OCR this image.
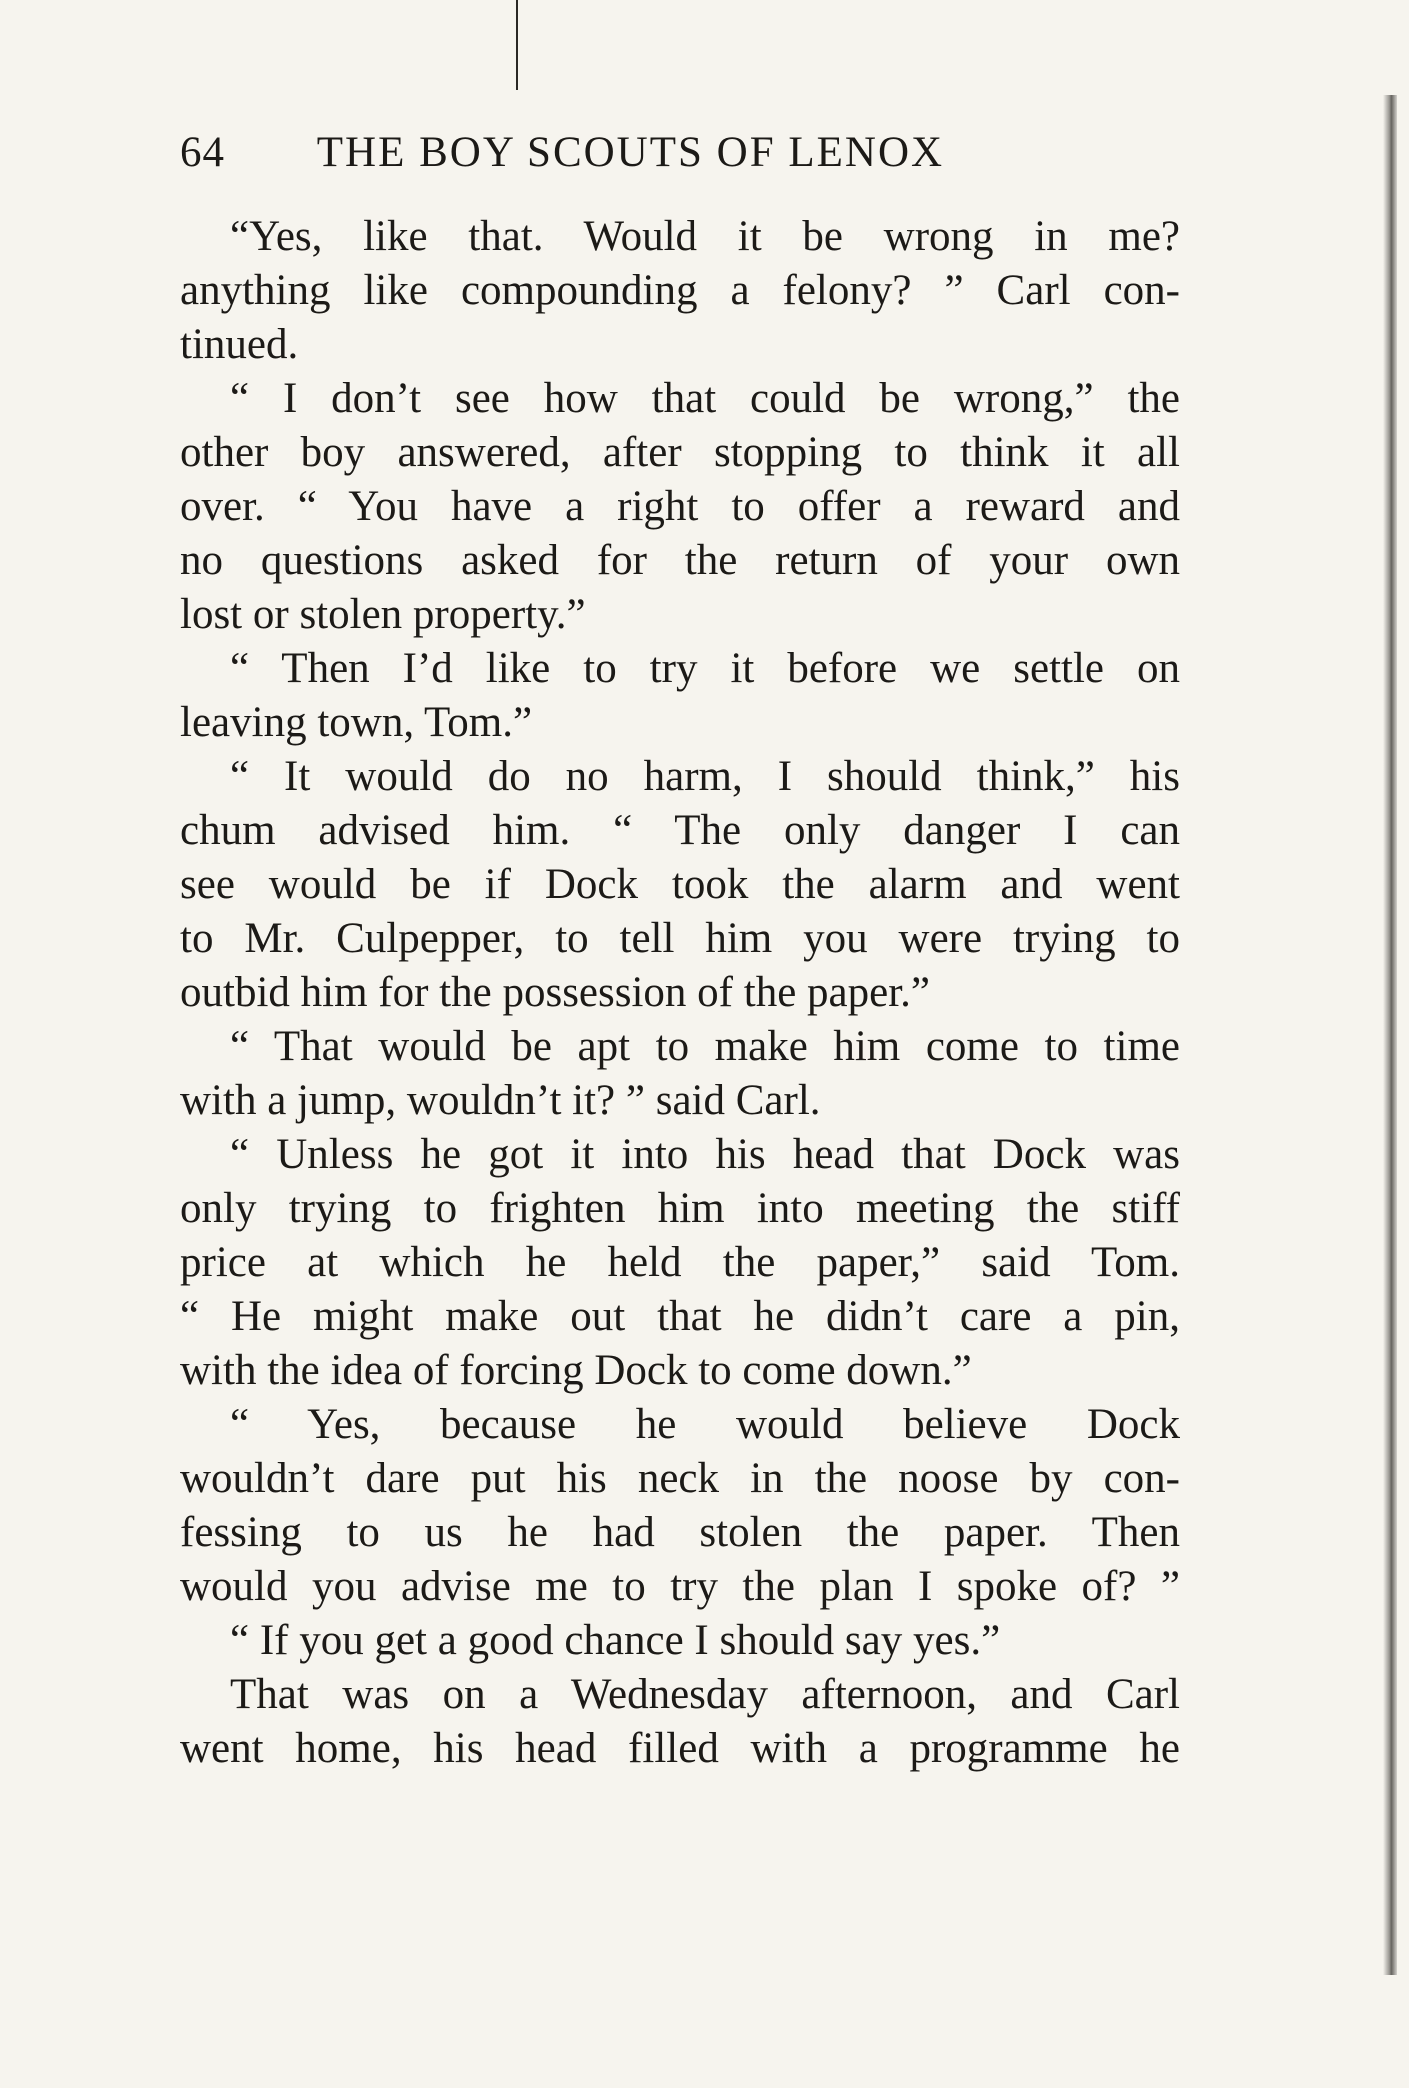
64 THE BOY SCOUTS OF LENOX
“Yes, like that. Would it be wrong in me?
anything like compounding a felony? ” Carl con-
tinued.
“ I don’t see how that could be wrong,” the
other boy answered, after stopping to think it all
over. “ You have a right to offer a reward and
no questions asked for the return of your own
lost or stolen property.”
“ Then I’d like to try it before we settle on
leaving town, Tom.”
“ It would do no harm, I should think,” his
chum advised him. “ The only danger I can
see would be if Dock took the alarm and went
to Mr. Culpepper, to tell him you were trying to
outbid him for the possession of the paper.”
“ That would be apt to make him come to time
with a jump, wouldn’t it? ” said Carl.
“ Unless he got it into his head that Dock was
only trying to frighten him into meeting the stiff
price at which he held the paper,” said Tom.
“ He might make out that he didn’t care a pin,
with the idea of forcing Dock to come down.”
“ Yes, because he would believe Dock
wouldn’t dare put his neck in the noose by con-
fessing to us he had stolen the paper. Then
would you advise me to try the plan I spoke of? ”
“ If you get a good chance I should say yes.”
That was on a Wednesday afternoon, and Carl
went home, his head filled with a programme he
